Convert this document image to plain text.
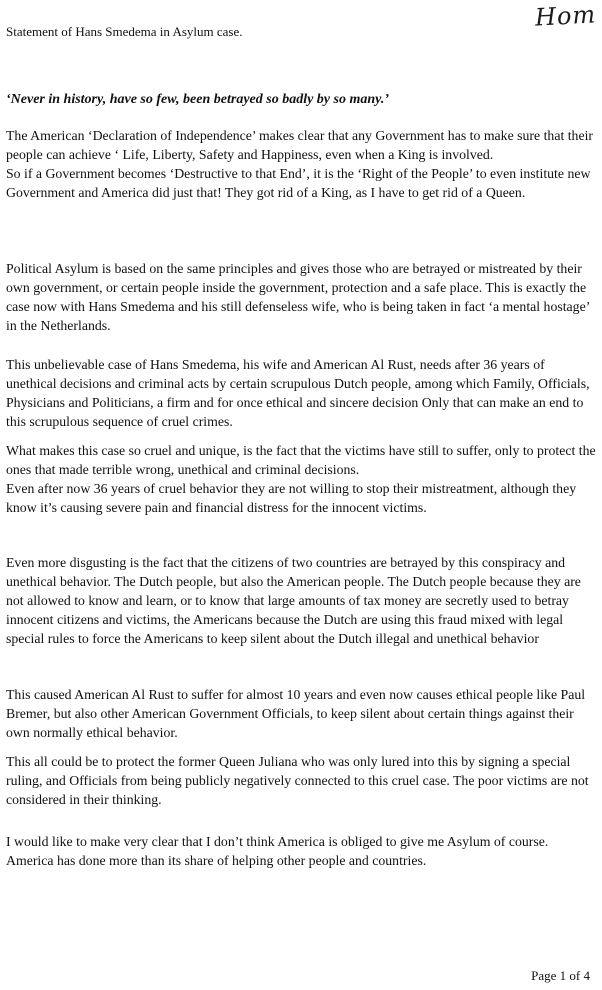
Hom
Statement of Hans Smedema in Asylum case.
‘Never in history, have so few, been betrayed so badly by so many.’

The American ‘Declaration of Independence’ makes clear that any Government has to make sure that their people can achieve ‘ Life, Liberty, Safety and Happiness, even when a King is involved.
So if a Government becomes ‘Destructive to that End’, it is the ‘Right of the People’ to even institute new Government and America did just that! They got rid of a King, as I have to get rid of a Queen.

Political Asylum is based on the same principles and gives those who are betrayed or mistreated by their own government, or certain people inside the government, protection and a safe place. This is exactly the case now with Hans Smedema and his still defenseless wife, who is being taken in fact ‘a mental hostage’ in the Netherlands.

This unbelievable case of Hans Smedema, his wife and American Al Rust, needs after 36 years of unethical decisions and criminal acts by certain scrupulous Dutch people, among which Family, Officials, Physicians and Politicians, a firm and for once ethical and sincere decision Only that can make an end to this scrupulous sequence of cruel crimes.

What makes this case so cruel and unique, is the fact that the victims have still to suffer, only to protect the ones that made terrible wrong, unethical and criminal decisions.
Even after now 36 years of cruel behavior they are not willing to stop their mistreatment, although they know it’s causing severe pain and financial distress for the innocent victims.

Even more disgusting is the fact that the citizens of two countries are betrayed by this conspiracy and unethical behavior. The Dutch people, but also the American people. The Dutch people because they are not allowed to know and learn, or to know that large amounts of tax money are secretly used to betray innocent citizens and victims, the Americans because the Dutch are using this fraud mixed with legal special rules to force the Americans to keep silent about the Dutch illegal and unethical behavior

This caused American Al Rust to suffer for almost 10 years and even now causes ethical people like Paul Bremer, but also other American Government Officials, to keep silent about certain things against their own normally ethical behavior.

This all could be to protect the former Queen Juliana who was only lured into this by signing a special ruling, and Officials from being publicly negatively connected to this cruel case. The poor victims are not considered in their thinking.

I would like to make very clear that I don’t think America is obliged to give me Asylum of course. America has done more than its share of helping other people and countries.

Page 1 of 4
